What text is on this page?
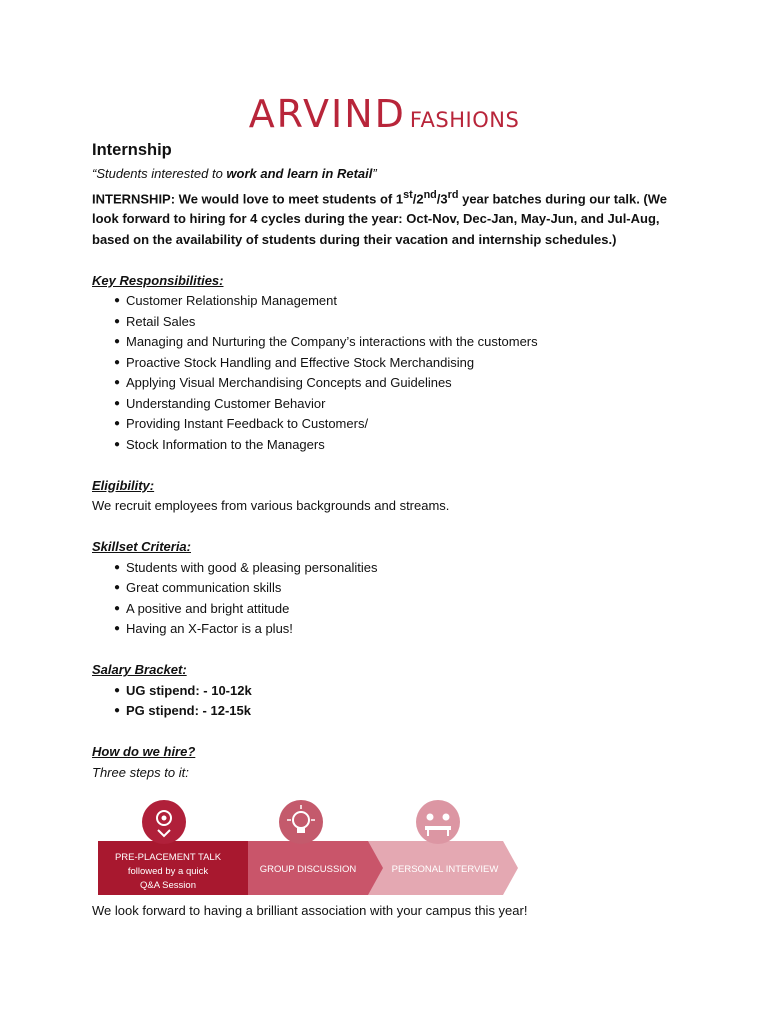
ARVIND FASHIONS
Internship

“Students interested to work and learn in Retail”

INTERNSHIP: We would love to meet students of 1st/2nd/3rd year batches during our talk. (We look forward to hiring for 4 cycles during the year: Oct-Nov, Dec-Jan, May-Jun, and Jul-Aug, based on the availability of students during their vacation and internship schedules.)

Key Responsibilities:

● Customer Relationship Management
● Retail Sales
● Managing and Nurturing the Company’s interactions with the customers
● Proactive Stock Handling and Effective Stock Merchandising
● Applying Visual Merchandising Concepts and Guidelines
● Understanding Customer Behavior
● Providing Instant Feedback to Customers/
● Stock Information to the Managers

Eligibility:

We recruit employees from various backgrounds and streams.

Skillset Criteria:

● Students with good & pleasing personalities
● Great communication skills
● A positive and bright attitude
● Having an X-Factor is a plus!

Salary Bracket:

● UG stipend: - 10-12k
● PG stipend: - 12-15k

How do we hire?

Three steps to it:

PRE-PLACEMENT TALK
followed by a quick
Q&A Session
GROUP DISCUSSION	PERSONAL INTERVIEW

We look forward to having a brilliant association with your campus this year!
